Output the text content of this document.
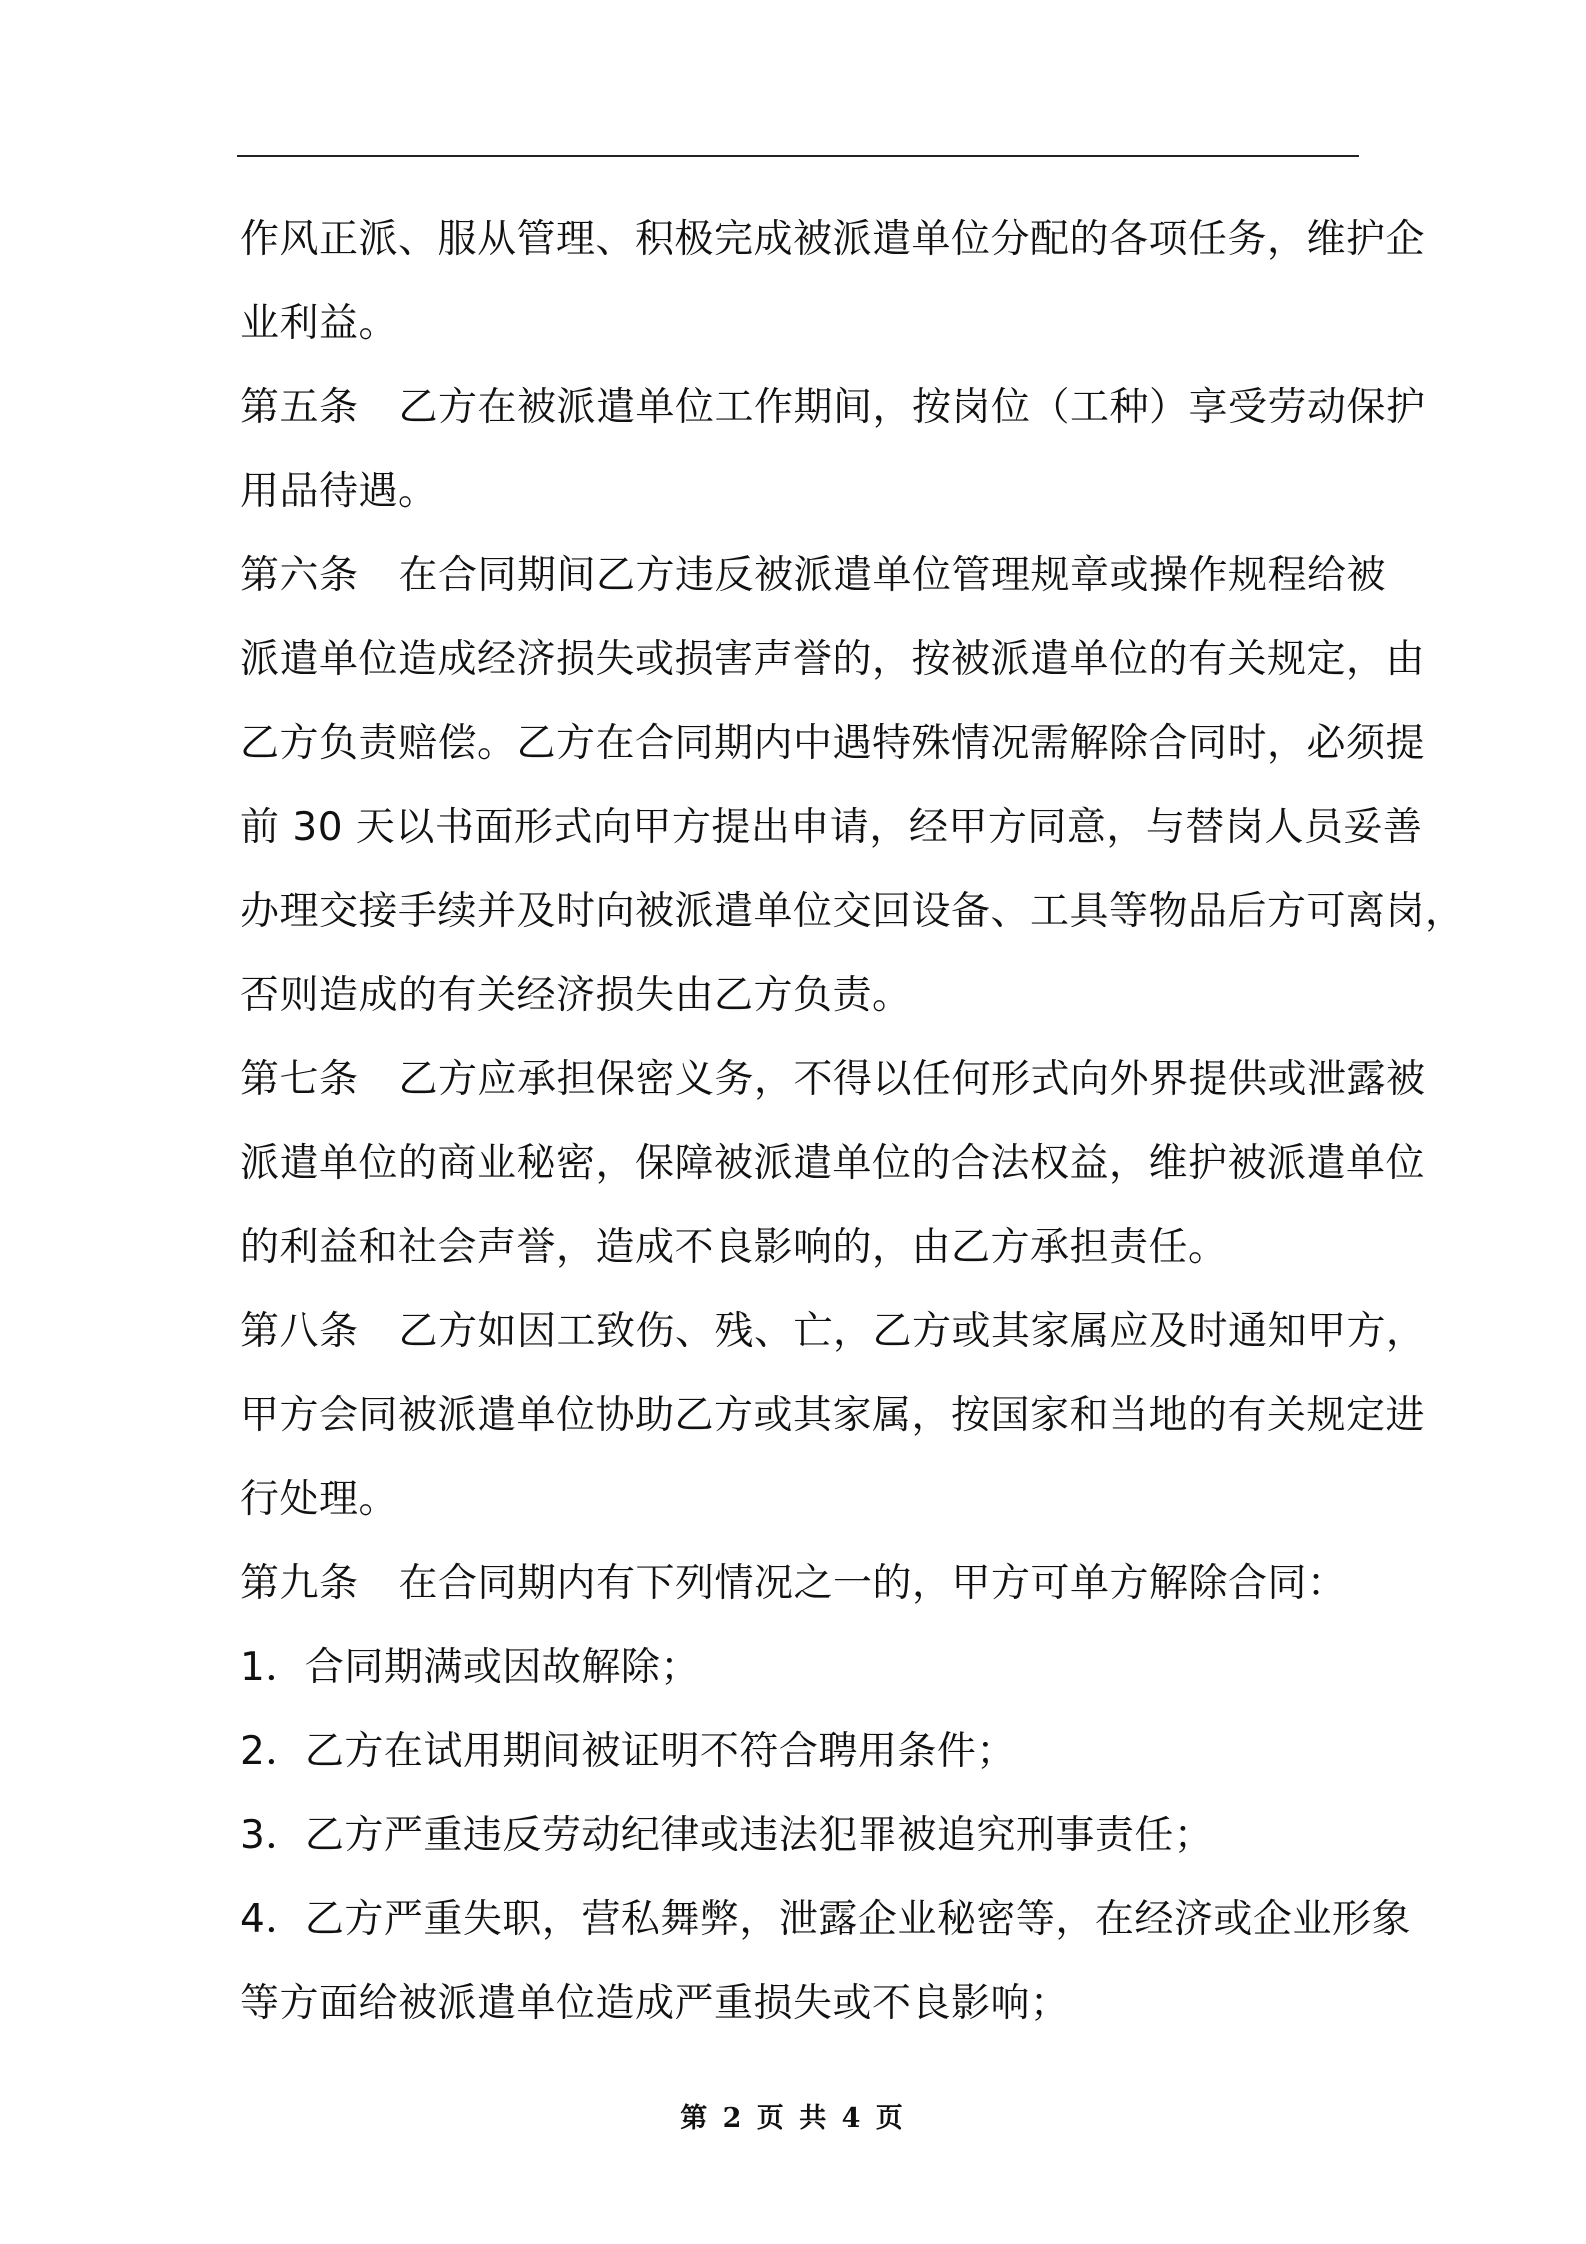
作风正派、服从管理、积极完成被派遣单位分配的各项任务，维护企
业利益。
第五条 乙方在被派遣单位工作期间，按岗位（工种）享受劳动保护
用品待遇。
第六条 在合同期间乙方违反被派遣单位管理规章或操作规程给被
派遣单位造成经济损失或损害声誉的，按被派遣单位的有关规定，由
乙方负责赔偿。乙方在合同期内中遇特殊情况需解除合同时，必须提
前 30 天以书面形式向甲方提出申请，经甲方同意，与替岗人员妥善
办理交接手续并及时向被派遣单位交回设备、工具等物品后方可离岗，
否则造成的有关经济损失由乙方负责。
第七条 乙方应承担保密义务，不得以任何形式向外界提供或泄露被
派遣单位的商业秘密，保障被派遣单位的合法权益，维护被派遣单位
的利益和社会声誉，造成不良影响的，由乙方承担责任。
第八条 乙方如因工致伤、残、亡，乙方或其家属应及时通知甲方，
甲方会同被派遣单位协助乙方或其家属，按国家和当地的有关规定进
行处理。
第九条 在合同期内有下列情况之一的，甲方可单方解除合同：
1．合同期满或因故解除；
2．乙方在试用期间被证明不符合聘用条件；
3．乙方严重违反劳动纪律或违法犯罪被追究刑事责任；
4．乙方严重失职，营私舞弊，泄露企业秘密等，在经济或企业形象
等方面给被派遣单位造成严重损失或不良影响；
第 2 页 共 4 页
